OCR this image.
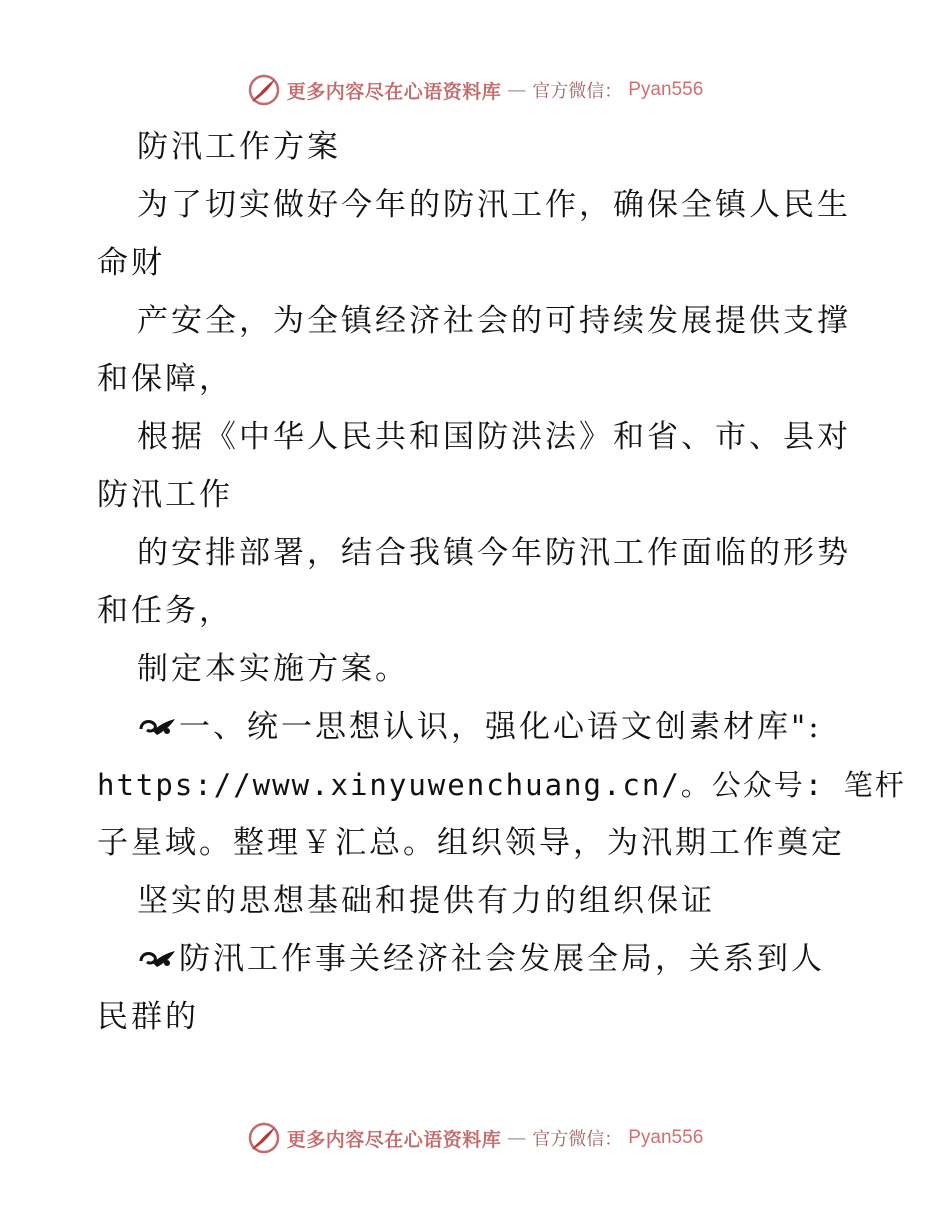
更多内容尽在心语资料库 — 官方微信： Pyan556
防汛工作方案
为了切实做好今年的防汛工作，确保全镇人民生
命财
产安全，为全镇经济社会的可持续发展提供支撑
和保障，
根据《中华人民共和国防洪法》和省、市、县对
防汛工作
的安排部署，结合我镇今年防汛工作面临的形势
和任务，
制定本实施方案。
一、统一思想认识，强化心语文创素材库":
https://www.xinyuwenchuang.cn/。公众号: 笔杆
子星域。整理￥汇总。组织领导，为汛期工作奠定
坚实的思想基础和提供有力的组织保证
防汛工作事关经济社会发展全局，关系到人
民群的
更多内容尽在心语资料库 — 官方微信： Pyan556
